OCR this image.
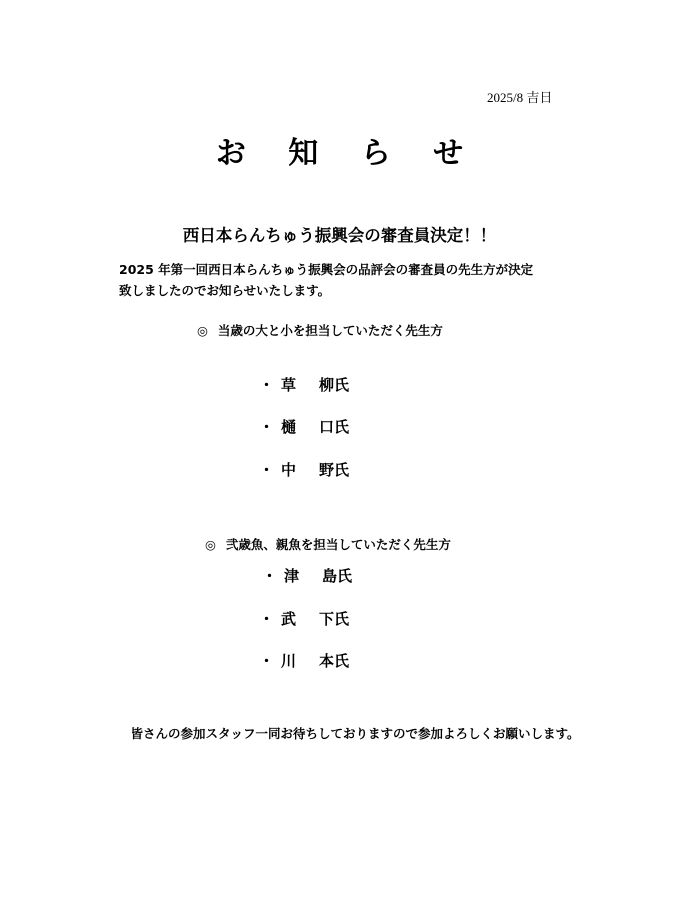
2025/8 吉日
お 知 ら せ
西日本らんちゅう振興会の審査員決定！！
2025 年第一回西日本らんちゅう振興会の品評会の審査員の先生方が決定
致しましたのでお知らせいたします。
◎ 当歳の大と小を担当していただく先生方
・ 草	柳氏
・ 樋	口氏
・ 中	野氏
◎ 弐歳魚、親魚を担当していただく先生方
・ 津	島氏
・ 武	下氏
・ 川	本氏
皆さんの参加スタッフ一同お待ちしておりますので参加よろしくお願いします。
